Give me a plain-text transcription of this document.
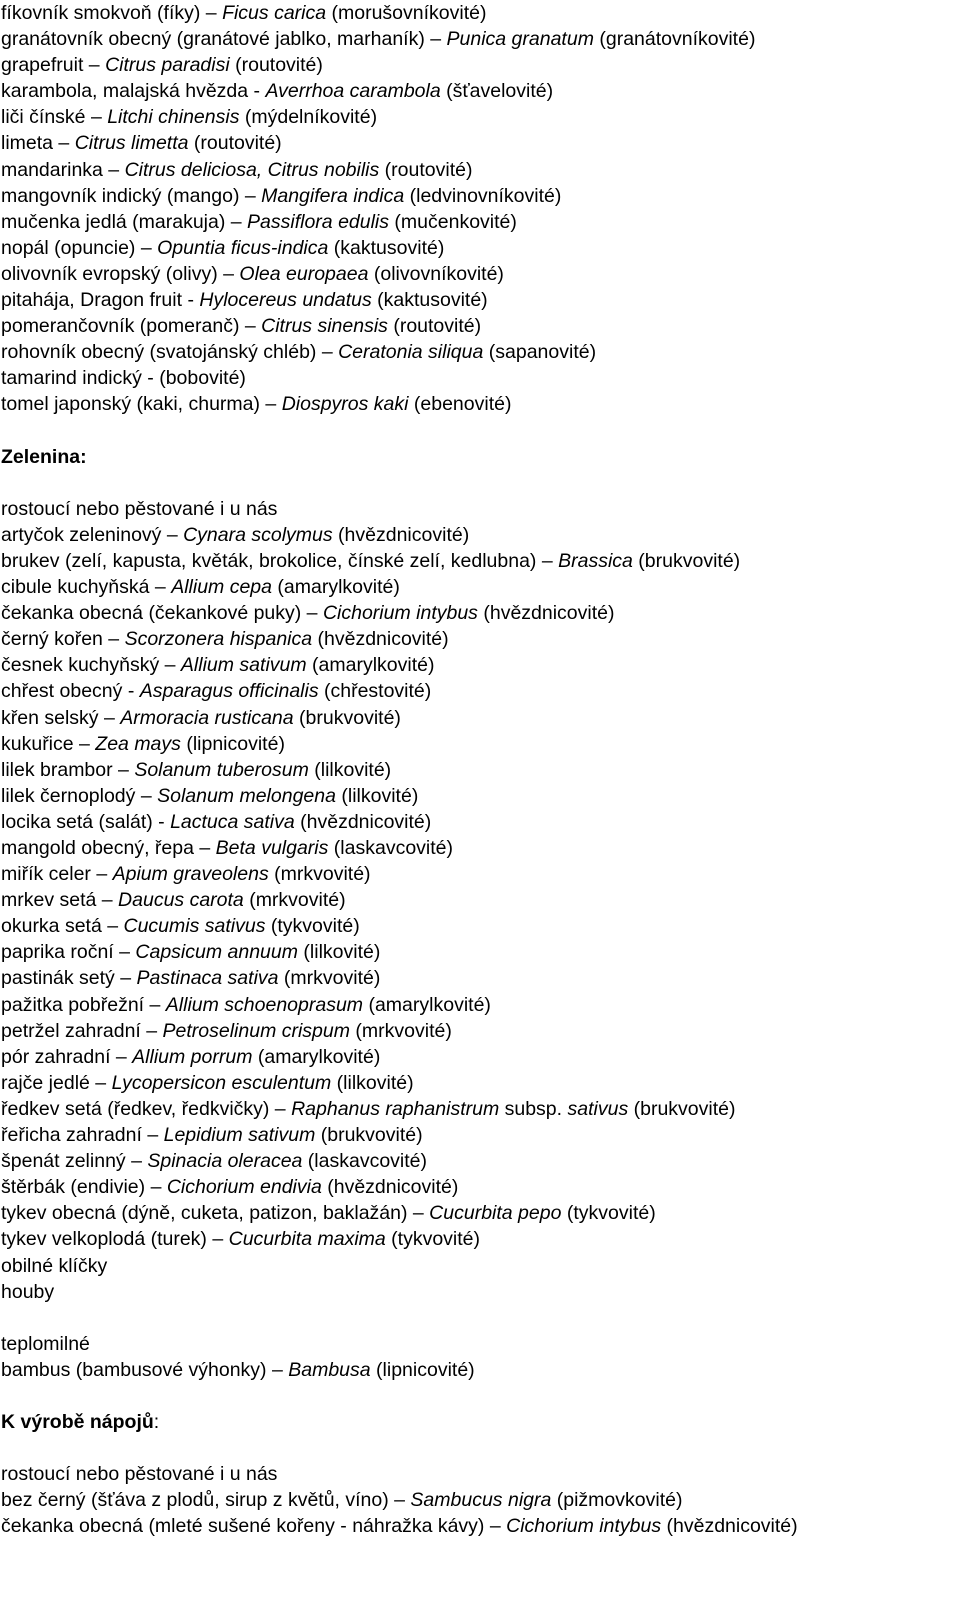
fíkovník smokvoň (fíky) – Ficus carica (morušovníkovité)
granátovník obecný (granátové jablko, marhaník) – Punica granatum (granátovníkovité)
grapefruit – Citrus paradisi (routovité)
karambola, malajská hvězda - Averrhoa carambola (šťavelovité)
liči čínské – Litchi chinensis (mýdelníkovité)
limeta – Citrus limetta (routovité)
mandarinka – Citrus deliciosa, Citrus nobilis (routovité)
mangovník indický (mango) – Mangifera indica (ledvinovníkovité)
mučenka jedlá (marakuja) – Passiflora edulis (mučenkovité)
nopál (opuncie) – Opuntia ficus-indica (kaktusovité)
olivovník evropský (olivy) – Olea europaea (olivovníkovité)
pitahája, Dragon fruit - Hylocereus undatus (kaktusovité)
pomerančovník (pomeranč) – Citrus sinensis (routovité)
rohovník obecný (svatojánský chléb) – Ceratonia siliqua (sapanovité)
tamarind indický - (bobovité)
tomel japonský (kaki, churma) – Diospyros kaki (ebenovité)
Zelenina:
rostoucí nebo pěstované i u nás
artyčok zeleninový – Cynara scolymus (hvězdnicovité)
brukev (zelí, kapusta, květák, brokolice, čínské zelí, kedlubna) – Brassica (brukvovité)
cibule kuchyňská – Allium cepa (amarylkovité)
čekanka obecná (čekankové puky) – Cichorium intybus (hvězdnicovité)
černý kořen – Scorzonera hispanica (hvězdnicovité)
česnek kuchyňský – Allium sativum (amarylkovité)
chřest obecný - Asparagus officinalis (chřestovité)
křen selský – Armoracia rusticana (brukvovité)
kukuřice – Zea mays (lipnicovité)
lilek brambor – Solanum tuberosum (lilkovité)
lilek černoplodý – Solanum melongena (lilkovité)
locika setá (salát) - Lactuca sativa (hvězdnicovité)
mangold obecný, řepa – Beta vulgaris (laskavcovité)
miřík celer – Apium graveolens (mrkvovité)
mrkev setá – Daucus carota (mrkvovité)
okurka setá – Cucumis sativus (tykvovité)
paprika roční – Capsicum annuum (lilkovité)
pastinák setý – Pastinaca sativa (mrkvovité)
pažitka pobřežní – Allium schoenoprasum (amarylkovité)
petržel zahradní – Petroselinum crispum (mrkvovité)
pór zahradní – Allium porrum (amarylkovité)
rajče jedlé – Lycopersicon esculentum (lilkovité)
ředkev setá (ředkev, ředkvičky) – Raphanus raphanistrum subsp. sativus (brukvovité)
řeřicha zahradní – Lepidium sativum (brukvovité)
špenát zelinný – Spinacia oleracea (laskavcovité)
štěrbák (endivie) – Cichorium endivia (hvězdnicovité)
tykev obecná (dýně, cuketa, patizon, baklažán) – Cucurbita pepo (tykvovité)
tykev velkoplodá (turek) – Cucurbita maxima (tykvovité)
obilné klíčky
houby
teplomilné
bambus (bambusové výhonky) – Bambusa (lipnicovité)
K výrobě nápojů:
rostoucí nebo pěstované i u nás
bez černý (šťáva z plodů, sirup z květů, víno) – Sambucus nigra (pižmovkovité)
čekanka obecná (mleté sušené kořeny - náhražka kávy) – Cichorium intybus (hvězdnicovité)
